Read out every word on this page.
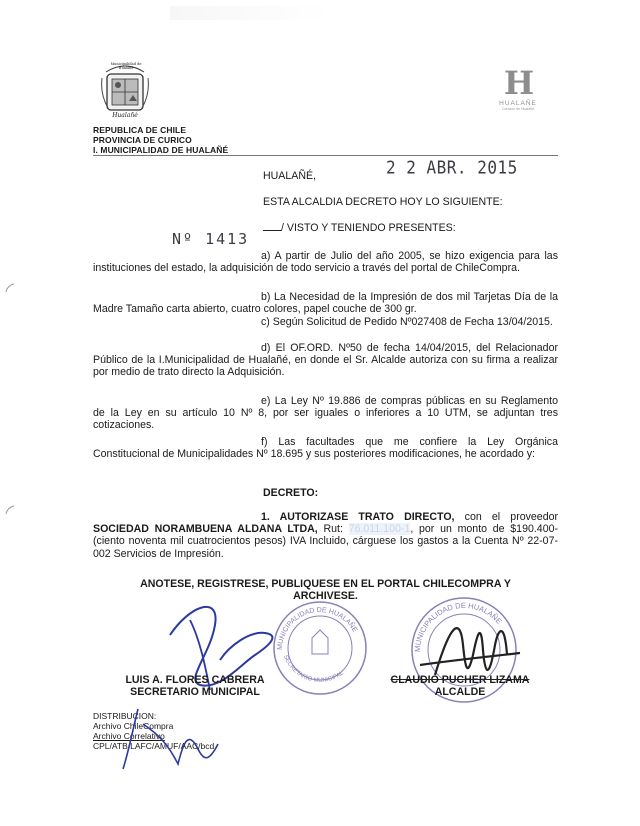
Municipalidad de Hualañé
Hualañé
H
HUALAÑE
Corazón de Hualañé
REPUBLICA DE CHILE
PROVINCIA DE CURICO
I. MUNICIPALIDAD DE HUALAÑÉ
HUALAÑÉ,	2 2 ABR. 2015
ESTA ALCALDIA DECRETO HOY LO SIGUIENTE:
Nº 1413
/ VISTO Y TENIENDO PRESENTES:
a) A partir de Julio del año 2005, se hizo exigencia para las instituciones del estado, la adquisición de todo servicio a través del portal de ChileCompra.
b) La Necesidad de la Impresión de dos mil Tarjetas Día de la Madre Tamaño carta abierto, cuatro colores, papel couche de 300 gr.
c) Según Solicitud de Pedido Nº027408 de Fecha 13/04/2015.
d) El OF.ORD. Nº50 de fecha 14/04/2015, del Relacionador Público de la I.Municipalidad de Hualañé, en donde el Sr. Alcalde autoriza con su firma a realizar por medio de trato directo la Adquisición.
e) La Ley Nº 19.886 de compras públicas en su Reglamento de la Ley en su artículo 10 Nº 8, por ser iguales o inferiores a 10 UTM, se adjuntan tres cotizaciones.
f) Las facultades que me confiere la Ley Orgánica Constitucional de Municipalidades Nº 18.695 y sus posteriores modificaciones, he acordado y:
DECRETO:
1. AUTORIZASE TRATO DIRECTO, con el proveedor SOCIEDAD NORAMBUENA ALDANA LTDA, Rut: 76.011.100-1, por un monto de $190.400- (ciento noventa mil cuatrocientos pesos) IVA Incluido, cárguese los gastos a la Cuenta Nº 22-07-002 Servicios de Impresión.
ANOTESE, REGISTRESE, PUBLIQUESE EN EL PORTAL CHILECOMPRA Y
ARCHIVESE.
MUNICIPALIDAD DE HUALAÑE
SECRETARIO MUNICIPAL
MUNICIPALIDAD DE HUALAÑE
LUIS A. FLORES CABRERA
SECRETARIO MUNICIPAL
CLAUDIO PUCHER LIZAMA
ALCALDE
DISTRIBUCION:
Archivo ChileCompra
Archivo Correlativo
CPL/ATB/LAFC/AMUF/AAC/bcd.
